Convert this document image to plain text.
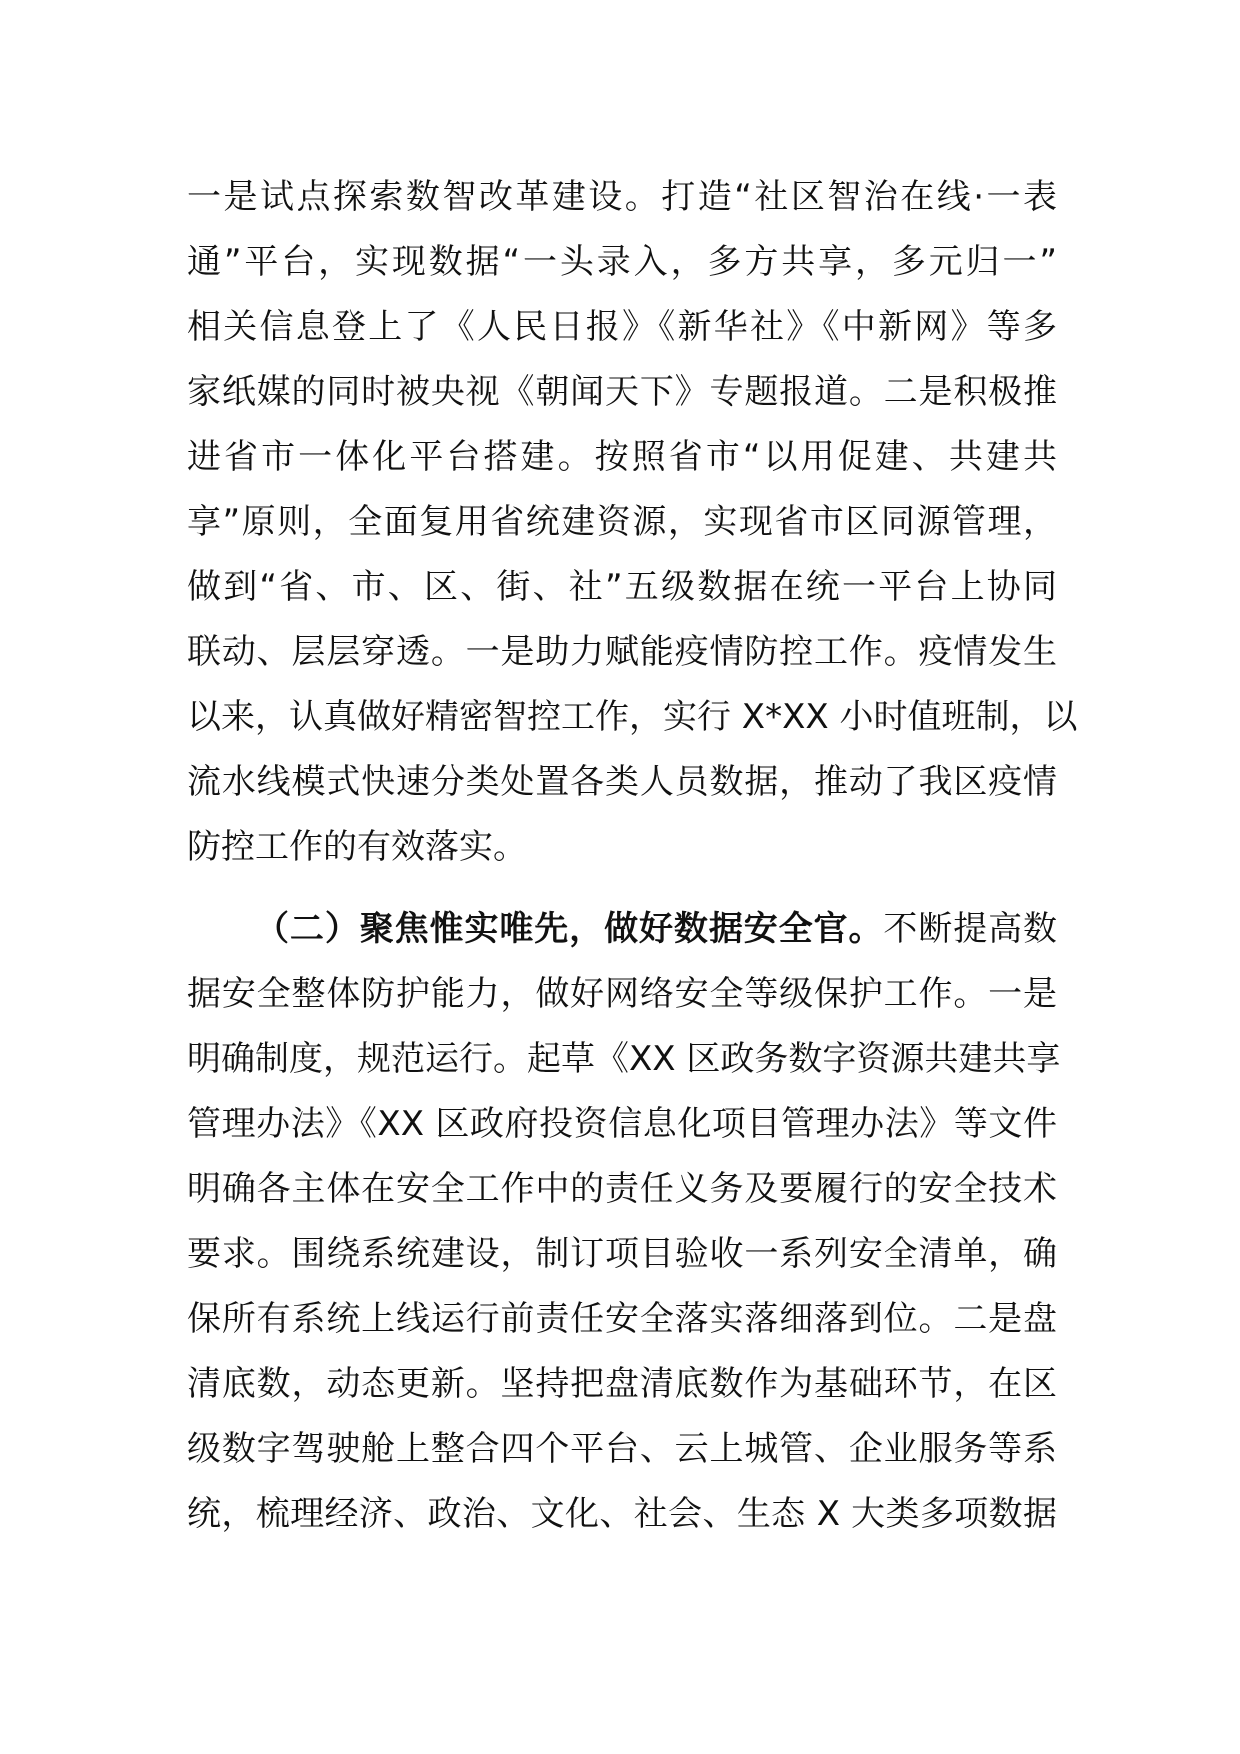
一是试点探索数智改革建设。打造“社区智治在线·一表
通”平台，实现数据“一头录入，多方共享，多元归一”
相关信息登上了《人民日报》《新华社》《中新网》等多
家纸媒的同时被央视《朝闻天下》专题报道。二是积极推
进省市一体化平台搭建。按照省市“以用促建、共建共
享”原则，全面复用省统建资源，实现省市区同源管理，
做到“省、市、区、街、社”五级数据在统一平台上协同
联动、层层穿透。一是助力赋能疫情防控工作。疫情发生
以来，认真做好精密智控工作，实行 X*XX 小时值班制，以
流水线模式快速分类处置各类人员数据，推动了我区疫情
防控工作的有效落实。
（二）聚焦惟实唯先，做好数据安全官。不断提高数
据安全整体防护能力，做好网络安全等级保护工作。一是
明确制度，规范运行。起草《XX 区政务数字资源共建共享
管理办法》《XX 区政府投资信息化项目管理办法》等文件
明确各主体在安全工作中的责任义务及要履行的安全技术
要求。围绕系统建设，制订项目验收一系列安全清单，确
保所有系统上线运行前责任安全落实落细落到位。二是盘
清底数，动态更新。坚持把盘清底数作为基础环节，在区
级数字驾驶舱上整合四个平台、云上城管、企业服务等系
统，梳理经济、政治、文化、社会、生态 X 大类多项数据
